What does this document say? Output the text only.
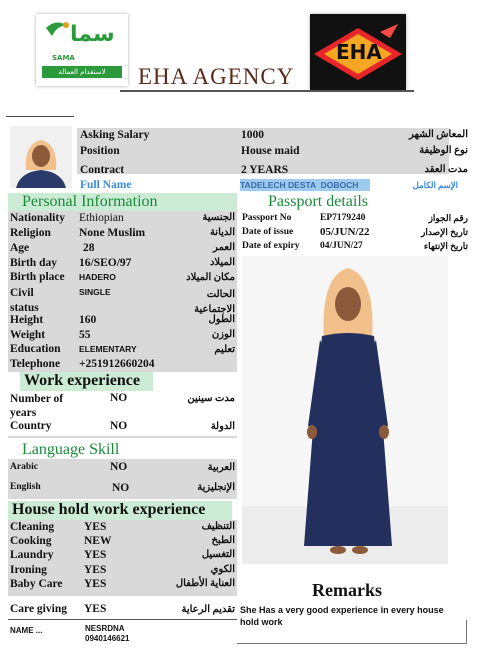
سما
SAMA
لاستقدام العمالة
EHA
EHA AGENCY
Asking Salary	1000	المعاش الشهر
Position	House maid	نوع الوظيفة
Contract	2 YEARS	مدت العقد
Full Name	TADELECH DESTA  DOBOCH	الإسم الكامل
Personal Information
Nationality Ethiopian	الجنسية
Religion None Muslim	الديانة
Age	28	العمر
Birth day 16/SEO/97	الميلاد
Birth place HADERO	مكان الميلاد
Civil status
SINGLE	الحالت الاجتماعية
Height	160	الطول
Weight	55	الوزن
Education ELEMENTARY	تعليم
Telephone +251912660204
Passport details
Passport No	EP7179240	رقم الجواز
Date of issue 05/JUN/22	تاريخ الإصدار
Date of expiry 04/JUN/27	تاريخ الإنتهاء
Work experience
Number of years
NO	مدت سينين
Country	NO	الدولة
Language Skill
Arabic	NO	العربية
English	NO	الإنجليزية
House hold work experience
Cleaning	YES	التنظيف
Cooking	NEW	الطبخ
Laundry	YES	التغسيل
Ironing	YES	الكوي
Baby Care YES	العناية الأطفال
Care giving YES	تقديم الرعاية
Remarks
She Has a very good experience in every house hold work
NAME ...	NESRDNA
0940146621
